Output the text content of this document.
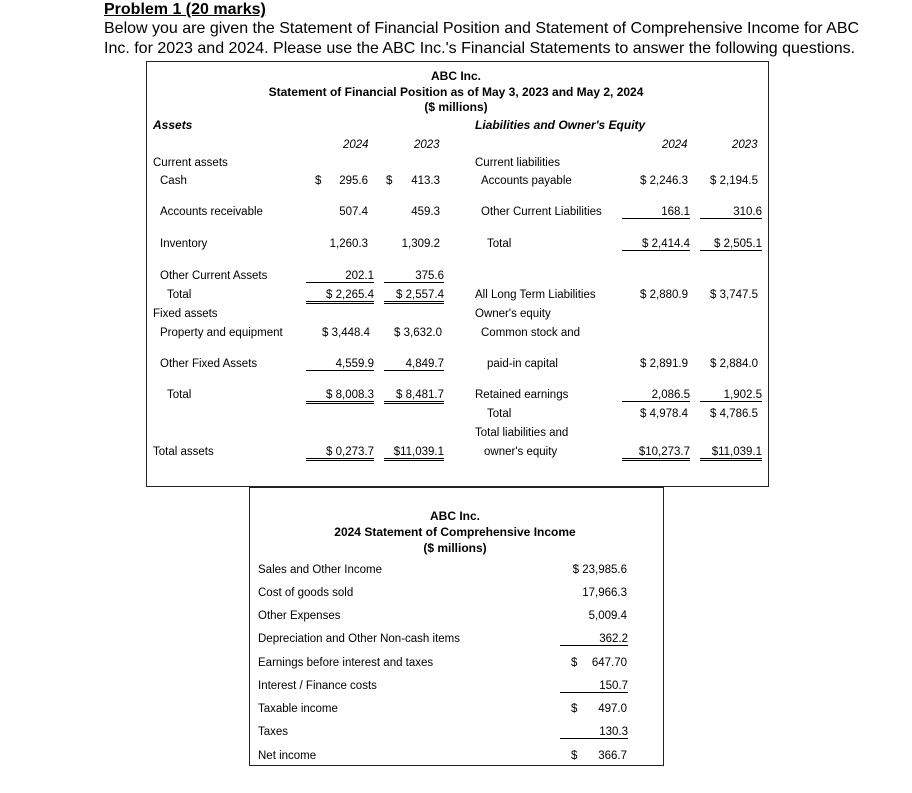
Problem 1 (20 marks)
Below you are given the Statement of Financial Position and Statement of Comprehensive Income for ABC
Inc. for 2023 and 2024. Please use the ABC Inc.'s Financial Statements to answer the following questions.
ABC Inc.
Statement of Financial Position as of May 3, 2023 and May 2, 2024
($ millions)
Assets	Liabilities and Owner's Equity
2024	2023	2024	2023
Current assets
Cash	$	295.6 $	413.3
Accounts receivable	507.4	459.3
Inventory	1,260.3	1,309.2
Other Current Assets	202.1	375.6
Total	$ 2,265.4	$ 2,557.4
Fixed assets
Property and equipment	$ 3,448.4	$ 3,632.0
Other Fixed Assets	4,559.9	4,849.7
Total	$ 8,008.3	$ 8,481.7
Total assets	$ 0,273.7	$11,039.1
Current liabilities
Accounts payable	$ 2,246.3	$ 2,194.5
Other Current Liabilities	168.1	310.6
Total	$ 2,414.4	$ 2,505.1
All Long Term Liabilities	$ 2,880.9	$ 3,747.5
Owner's equity
Common stock and
paid-in capital	$ 2,891.9	$ 2,884.0
Retained earnings	2,086.5	1,902.5
Total	$ 4,978.4	$ 4,786.5
Total liabilities and
owner's equity	$10,273.7	$11,039.1
ABC Inc.
2024 Statement of Comprehensive Income
($ millions)
Sales and Other Income	$ 23,985.6
Cost of goods sold	17,966.3
Other Expenses	5,009.4
Depreciation and Other Non-cash items	362.2
Earnings before interest and taxes	$	647.70
Interest / Finance costs	150.7
Taxable income	$	497.0
Taxes	130.3
Net income	$	366.7
